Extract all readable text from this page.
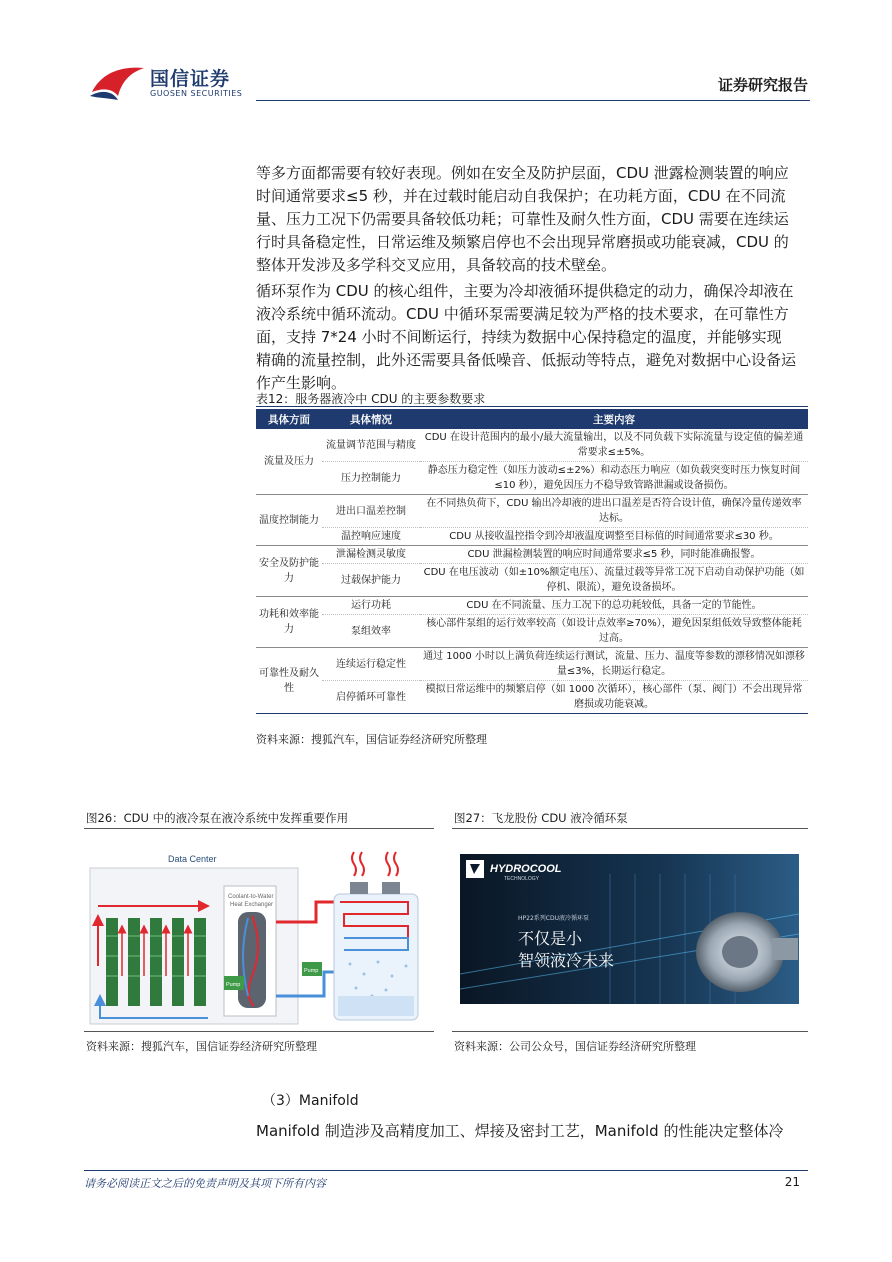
国信证券
GUOSEN SECURITIES	证券研究报告

等多方面都需要有较好表现。例如在安全及防护层面，CDU 泄露检测装置的响应时间通常要求≤5 秒，并在过载时能启动自我保护；在功耗方面，CDU 在不同流量、压力工况下仍需要具备较低功耗；可靠性及耐久性方面，CDU 需要在连续运行时具备稳定性，日常运维及频繁启停也不会出现异常磨损或功能衰减，CDU 的整体开发涉及多学科交叉应用，具备较高的技术壁垒。

循环泵作为 CDU 的核心组件，主要为冷却液循环提供稳定的动力，确保冷却液在液冷系统中循环流动。CDU 中循环泵需要满足较为严格的技术要求，在可靠性方面，支持 7*24 小时不间断运行，持续为数据中心保持稳定的温度，并能够实现精确的流量控制，此外还需要具备低噪音、低振动等特点，避免对数据中心设备运作产生影响。

表12：服务器液冷中 CDU 的主要参数要求
具体方面	具体情况	主要内容
流量及压力	流量调节范围与精度	CDU 在设计范围内的最小/最大流量输出，以及不同负载下实际流量与设定值的偏差通常要求≤±5%。
	压力控制能力	静态压力稳定性（如压力波动≤±2%）和动态压力响应（如负载突变时压力恢复时间≤10 秒），避免因压力不稳导致管路泄漏或设备损伤。
温度控制能力	进出口温差控制	在不同热负荷下，CDU 输出冷却液的进出口温差是否符合设计值，确保冷量传递效率达标。
	温控响应速度	CDU 从接收温控指令到冷却液温度调整至目标值的时间通常要求≤30 秒。
安全及防护能力	泄漏检测灵敏度	CDU 泄漏检测装置的响应时间通常要求≤5 秒，同时能准确报警。
	过载保护能力	CDU 在电压波动（如±10%额定电压）、流量过载等异常工况下启动自动保护功能（如停机、限流），避免设备损坏。
功耗和效率能力	运行功耗	CDU 在不同流量、压力工况下的总功耗较低，具备一定的节能性。
	泵组效率	核心部件泵组的运行效率较高（如设计点效率≥70%），避免因泵组低效导致整体能耗过高。
可靠性及耐久性	连续运行稳定性	通过 1000 小时以上满负荷连续运行测试，流量、压力、温度等参数的漂移情况如漂移量≤3%，长期运行稳定。
	启停循环可靠性	模拟日常运维中的频繁启停（如 1000 次循环），核心部件（泵、阀门）不会出现异常磨损或功能衰减。
资料来源：搜狐汽车，国信证券经济研究所整理
图26：CDU 中的液冷泵在液冷系统中发挥重要作用	图27：飞龙股份 CDU 液冷循环泵
Data Center
Coolant-to-Water
Heat Exchanger
Pump
Pump
HYDROCOOL
TECHNOLOGY
HP22系列CDU液冷循环泵
不仅是小
智领液冷未来
资料来源：搜狐汽车，国信证券经济研究所整理	资料来源：公司公众号，国信证券经济研究所整理
（3）Manifold

Manifold 制造涉及高精度加工、焊接及密封工艺，Manifold 的性能决定整体冷

请务必阅读正文之后的免责声明及其项下所有内容	21
